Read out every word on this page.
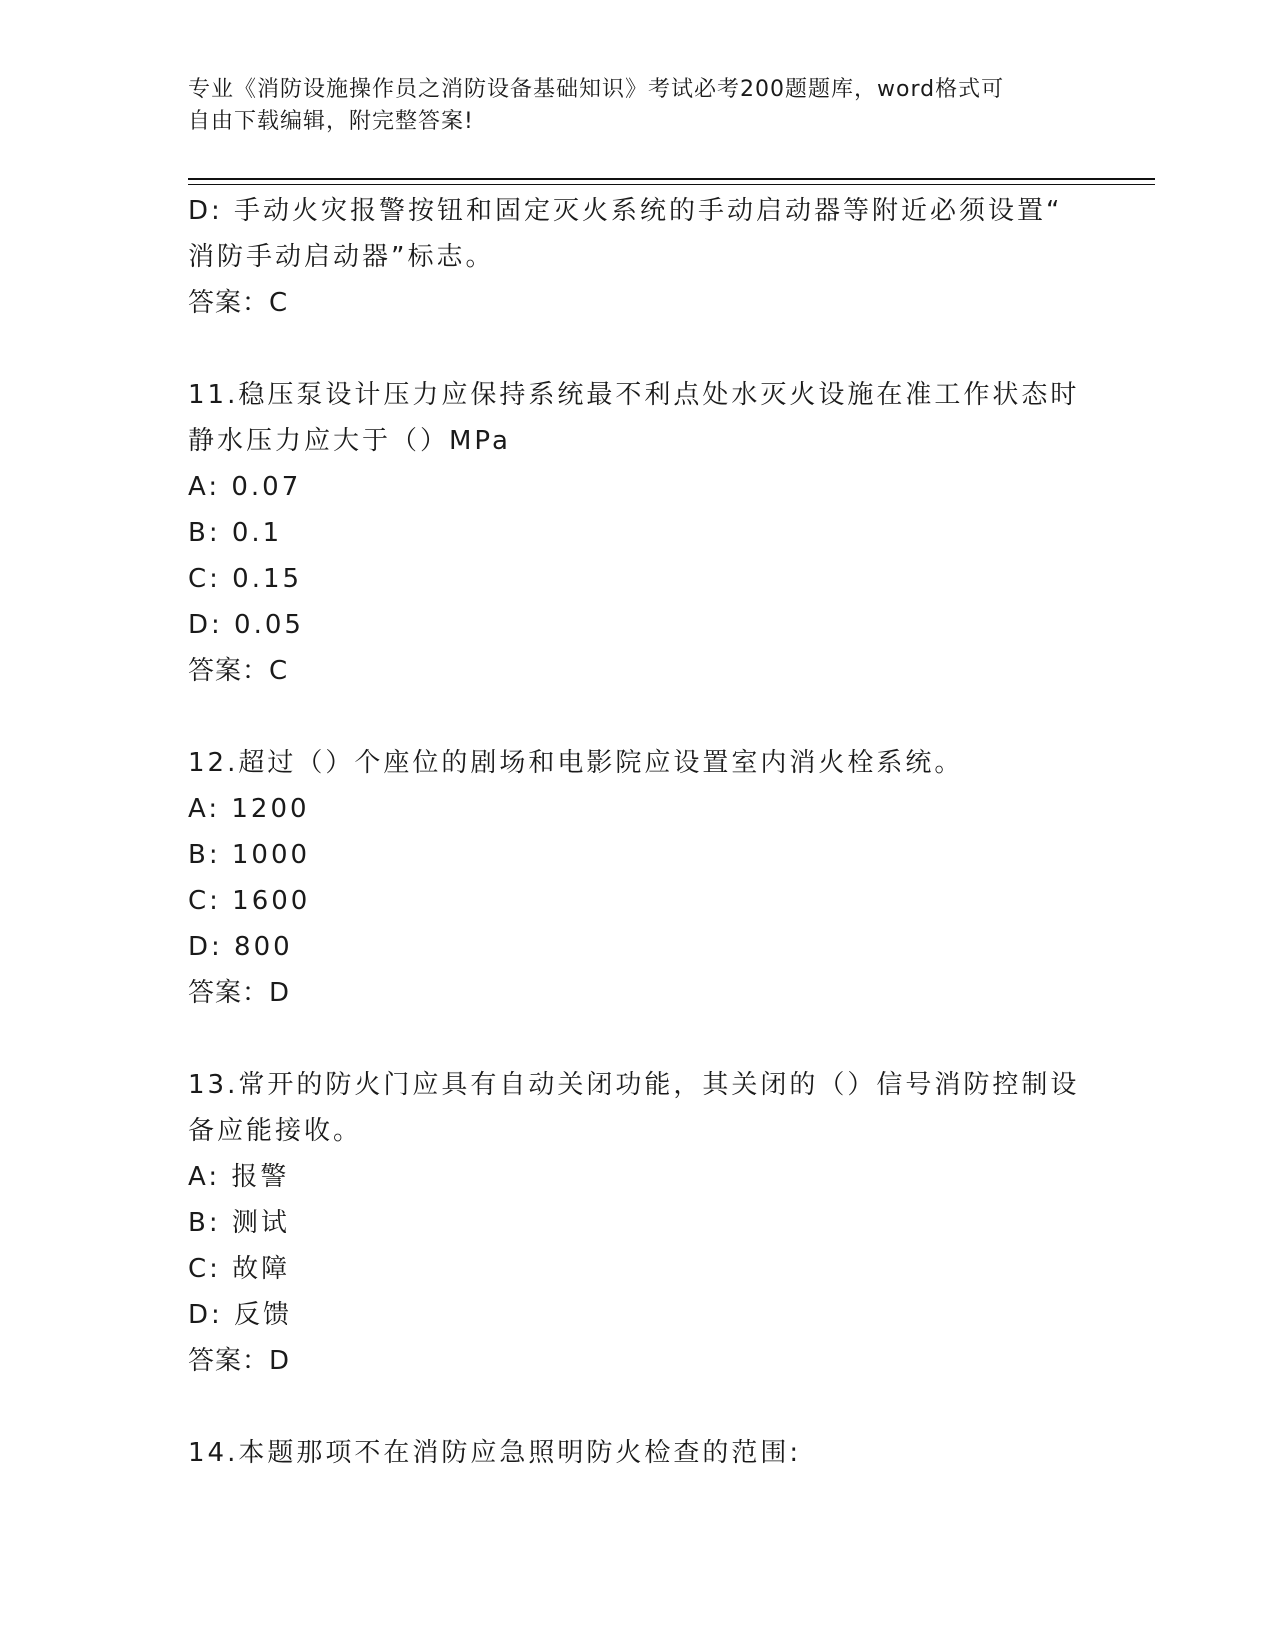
专业《消防设施操作员之消防设备基础知识》考试必考200题题库，word格式可
自由下载编辑，附完整答案!
D: 手动火灾报警按钮和固定灭火系统的手动启动器等附近必须设置“
消防手动启动器”标志。
答案：C
11.稳压泵设计压力应保持系统最不利点处水灭火设施在准工作状态时
静水压力应大于（）MPa
A: 0.07
B: 0.1
C: 0.15
D: 0.05
答案：C
12.超过（）个座位的剧场和电影院应设置室内消火栓系统。
A: 1200
B: 1000
C: 1600
D: 800
答案：D
13.常开的防火门应具有自动关闭功能，其关闭的（）信号消防控制设
备应能接收。
A: 报警
B: 测试
C: 故障
D: 反馈
答案：D
14.本题那项不在消防应急照明防火检查的范围:
